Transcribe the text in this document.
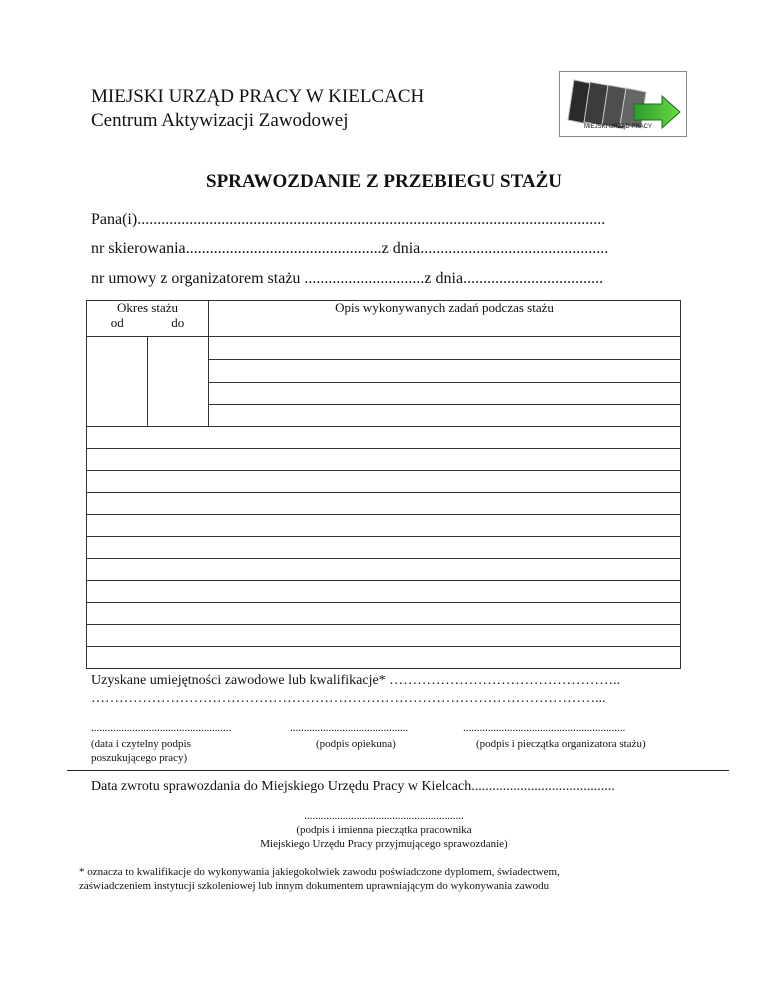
MIEJSKI URZĄD PRACY W KIELCACH
Centrum Aktywizacji Zawodowej	MIEJSKI URZĄD PRACY
SPRAWOZDANIE Z PRZEBIEGU STAŻU
Pana(i).....................................................................................................................
nr skierowania.................................................z dnia...............................................
nr umowy z organizatorem stażu ..............................z dnia...................................
Okres stażu		Opis wykonywanych zadań podczas stażu
od	do	

Uzyskane umiejętności zawodowe lub kwalifikacje* …………………………………………..
………………………………………………………………………………………………...
...................................................	...........................................	...........................................................
(data i czytelny podpis
poszukującego pracy)
(podpis opiekuna)	(podpis i pieczątka organizatora stażu)
Data zwrotu sprawozdania do Miejskiego Urzędu Pracy w Kielcach.........................................
..........................................................
(podpis i imienna pieczątka pracownika
Miejskiego Urzędu Pracy przyjmującego sprawozdanie)
* oznacza to kwalifikacje do wykonywania jakiegokolwiek zawodu poświadczone dyplomem, świadectwem,
zaświadczeniem instytucji szkoleniowej lub innym dokumentem uprawniającym do wykonywania zawodu
